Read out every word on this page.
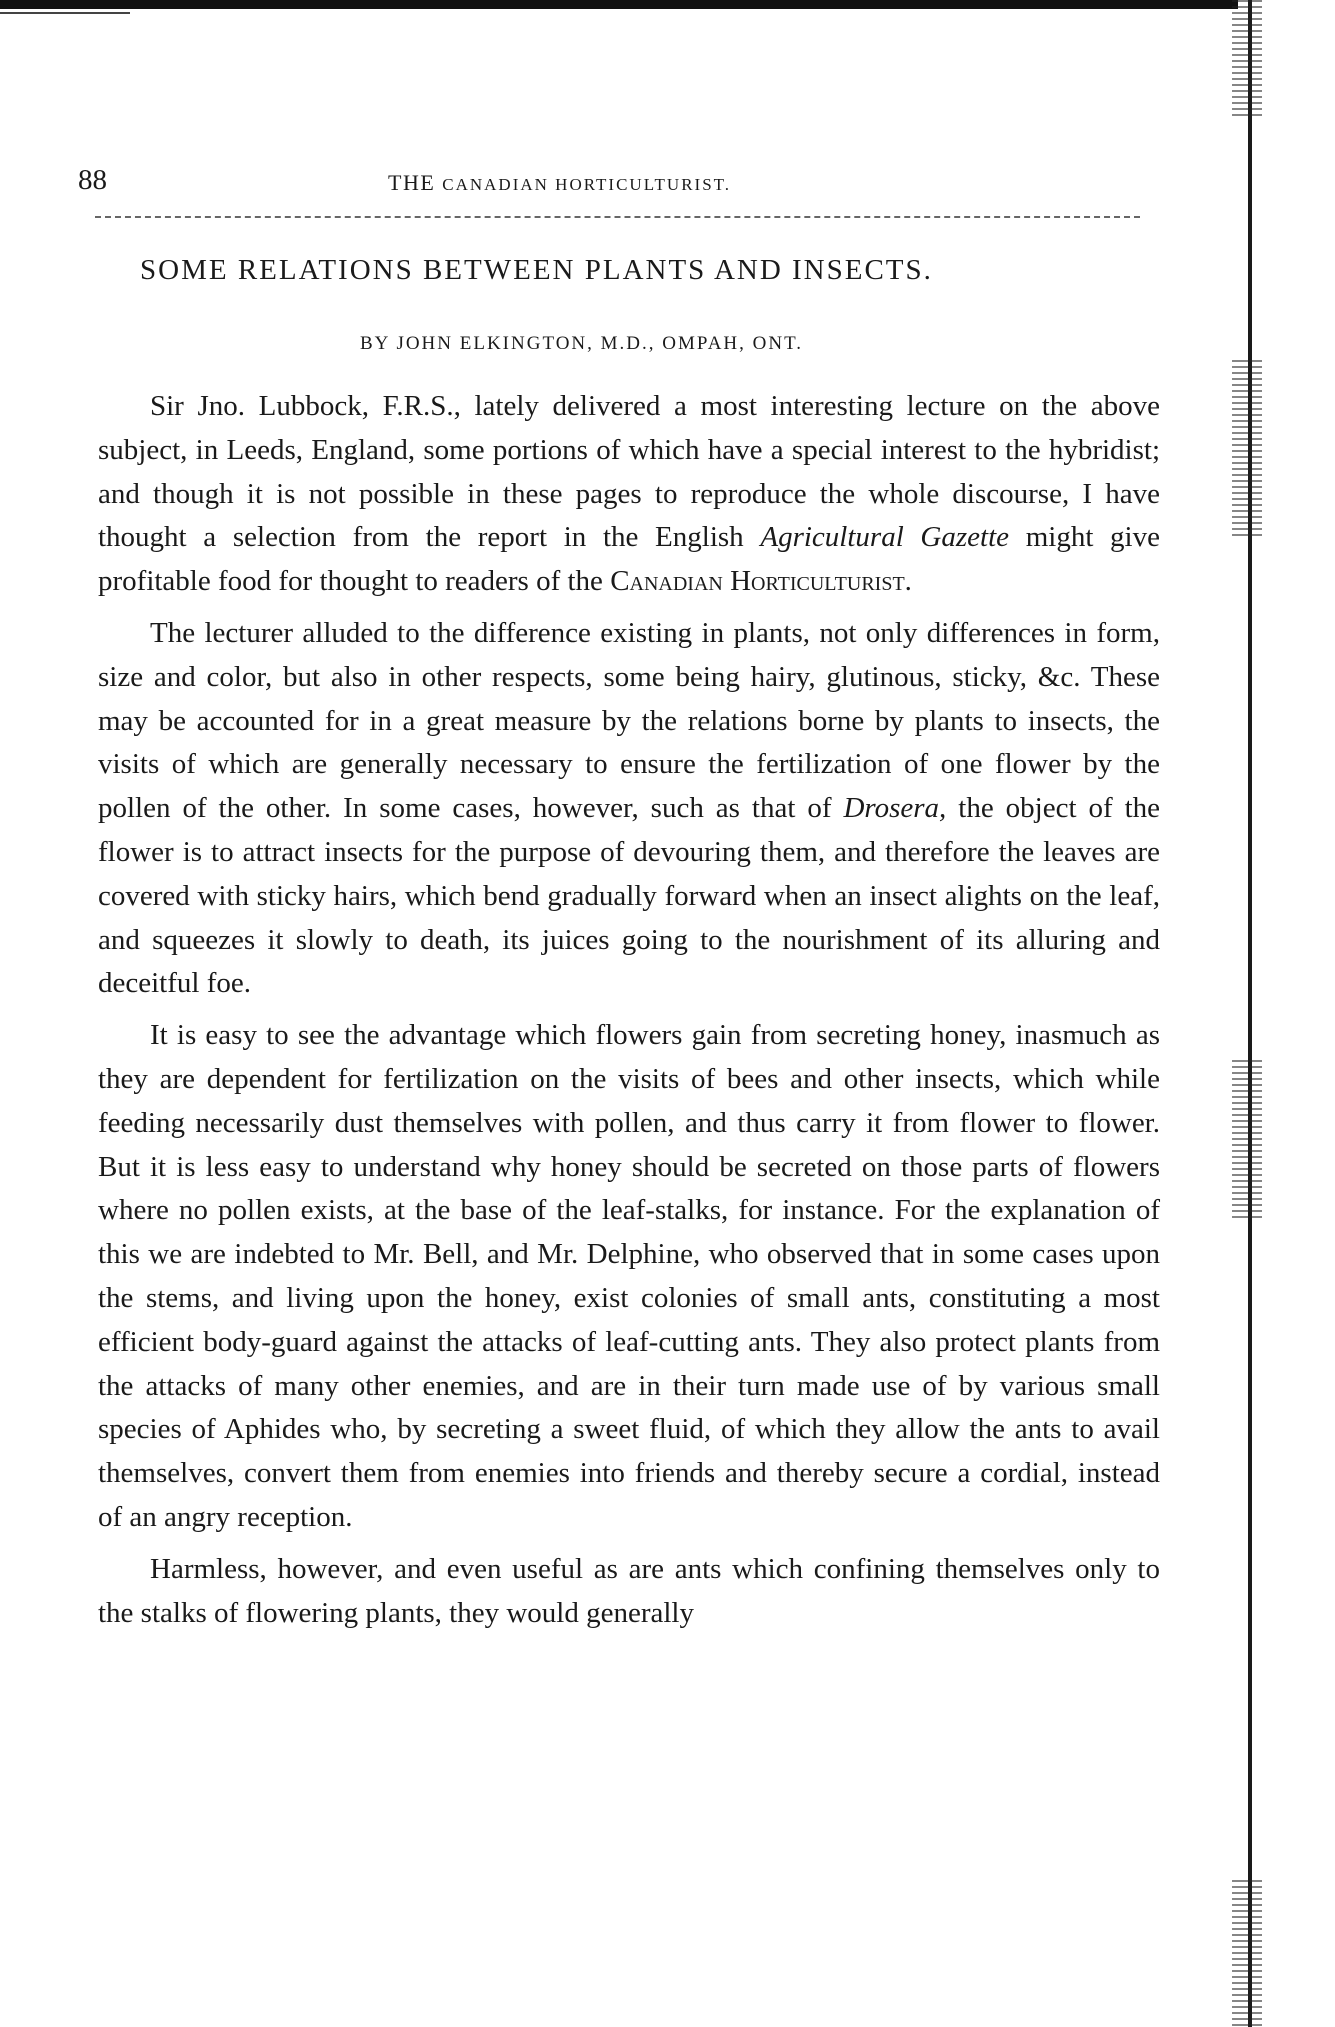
88	THE CANADIAN HORTICULTURIST.
SOME RELATIONS BETWEEN PLANTS AND INSECTS.
BY JOHN ELKINGTON, M.D., OMPAH, ONT.

Sir Jno. Lubbock, F.R.S., lately delivered a most interesting lecture on the above subject, in Leeds, England, some portions of which have a special interest to the hybridist; and though it is not possible in these pages to reproduce the whole discourse, I have thought a selection from the report in the English Agricultural Gazette might give profitable food for thought to readers of the Canadian Horticulturist.

The lecturer alluded to the difference existing in plants, not only differences in form, size and color, but also in other respects, some being hairy, glutinous, sticky, &c. These may be accounted for in a great measure by the relations borne by plants to insects, the visits of which are generally necessary to ensure the fertilization of one flower by the pollen of the other. In some cases, however, such as that of Drosera, the object of the flower is to attract insects for the purpose of devouring them, and therefore the leaves are covered with sticky hairs, which bend gradually forward when an insect alights on the leaf, and squeezes it slowly to death, its juices going to the nourishment of its alluring and deceitful foe.

It is easy to see the advantage which flowers gain from secreting honey, inasmuch as they are dependent for fertilization on the visits of bees and other insects, which while feeding necessarily dust themselves with pollen, and thus carry it from flower to flower. But it is less easy to understand why honey should be secreted on those parts of flowers where no pollen exists, at the base of the leaf-stalks, for instance. For the explanation of this we are indebted to Mr. Bell, and Mr. Delphine, who observed that in some cases upon the stems, and living upon the honey, exist colonies of small ants, constituting a most efficient body-guard against the attacks of leaf-cutting ants. They also protect plants from the attacks of many other enemies, and are in their turn made use of by various small species of Aphides who, by secreting a sweet fluid, of which they allow the ants to avail themselves, convert them from enemies into friends and thereby secure a cordial, instead of an angry reception.

Harmless, however, and even useful as are ants which confining themselves only to the stalks of flowering plants, they would generally
